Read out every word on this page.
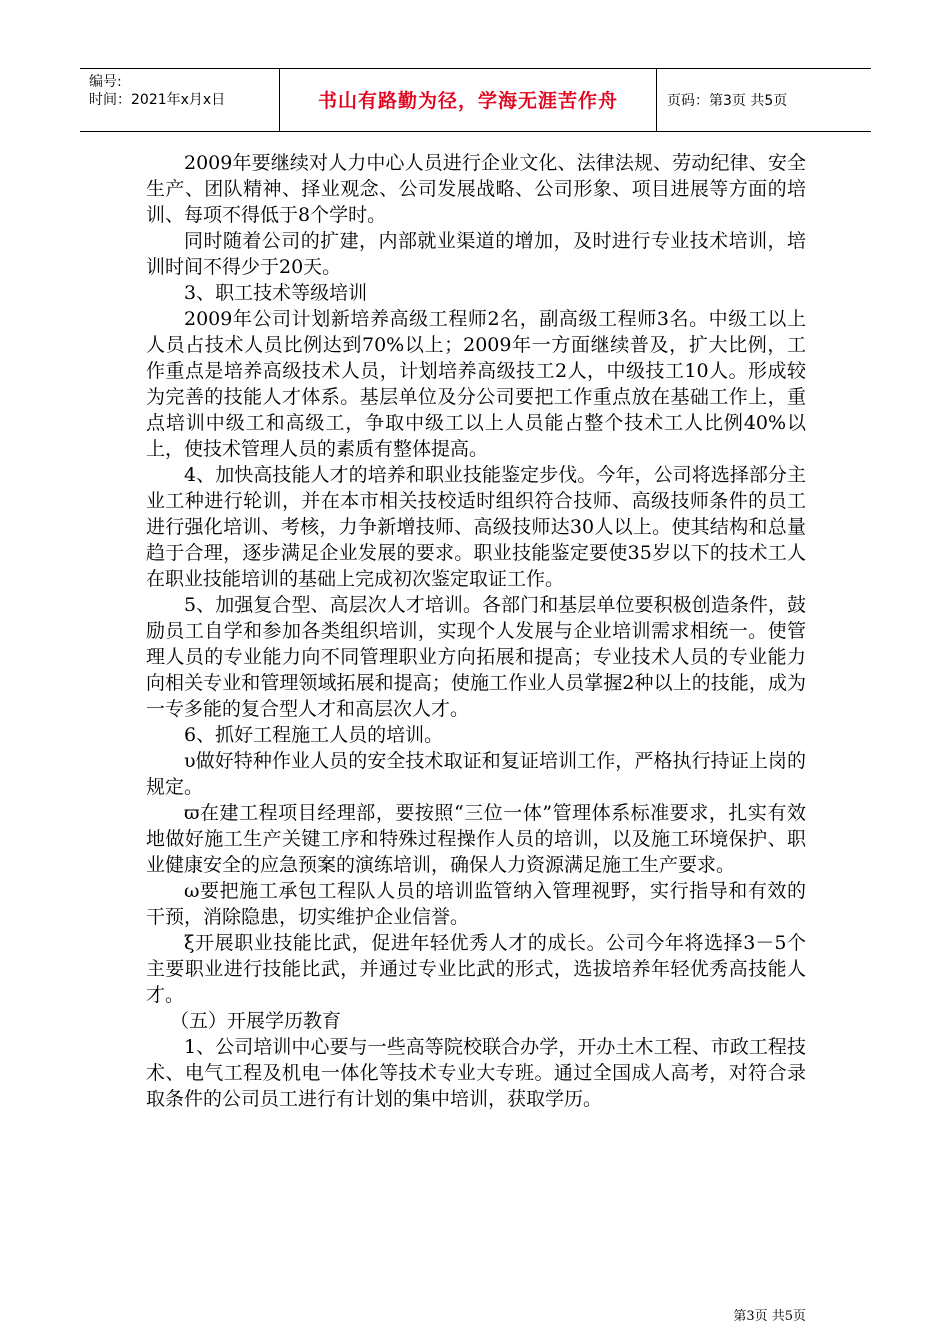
编号:
时间：2021年x月x日	书山有路勤为径，学海无涯苦作舟	页码：第3页 共5页

2009年要继续对人力中心人员进行企业文化、法律法规、劳动纪律、安全生产、团队精神、择业观念、公司发展战略、公司形象、项目进展等方面的培训、每项不得低于8个学时。

同时随着公司的扩建，内部就业渠道的增加，及时进行专业技术培训，培训时间不得少于20天。

3、职工技术等级培训

2009年公司计划新培养高级工程师2名，副高级工程师3名。中级工以上人员占技术人员比例达到70%以上；2009年一方面继续普及，扩大比例，工作重点是培养高级技术人员，计划培养高级技工2人，中级技工10人。形成较为完善的技能人才体系。基层单位及分公司要把工作重点放在基础工作上，重点培训中级工和高级工，争取中级工以上人员能占整个技术工人比例40%以上，使技术管理人员的素质有整体提高。

4、加快高技能人才的培养和职业技能鉴定步伐。今年，公司将选择部分主业工种进行轮训，并在本市相关技校适时组织符合技师、高级技师条件的员工进行强化培训、考核，力争新增技师、高级技师达30人以上。使其结构和总量趋于合理，逐步满足企业发展的要求。职业技能鉴定要使35岁以下的技术工人在职业技能培训的基础上完成初次鉴定取证工作。

5、加强复合型、高层次人才培训。各部门和基层单位要积极创造条件，鼓励员工自学和参加各类组织培训，实现个人发展与企业培训需求相统一。使管理人员的专业能力向不同管理职业方向拓展和提高；专业技术人员的专业能力向相关专业和管理领域拓展和提高；使施工作业人员掌握2种以上的技能，成为一专多能的复合型人才和高层次人才。

6、抓好工程施工人员的培训。

υ做好特种作业人员的安全技术取证和复证培训工作，严格执行持证上岗的规定。

ϖ在建工程项目经理部，要按照“三位一体”管理体系标准要求，扎实有效地做好施工生产关键工序和特殊过程操作人员的培训，以及施工环境保护、职业健康安全的应急预案的演练培训，确保人力资源满足施工生产要求。

ω要把施工承包工程队人员的培训监管纳入管理视野，实行指导和有效的干预，消除隐患，切实维护企业信誉。

ξ开展职业技能比武，促进年轻优秀人才的成长。公司今年将选择3－5个主要职业进行技能比武，并通过专业比武的形式，选拔培养年轻优秀高技能人才。

（五）开展学历教育

1、公司培训中心要与一些高等院校联合办学，开办土木工程、市政工程技术、电气工程及机电一体化等技术专业大专班。通过全国成人高考，对符合录取条件的公司员工进行有计划的集中培训，获取学历。

第3页 共5页
